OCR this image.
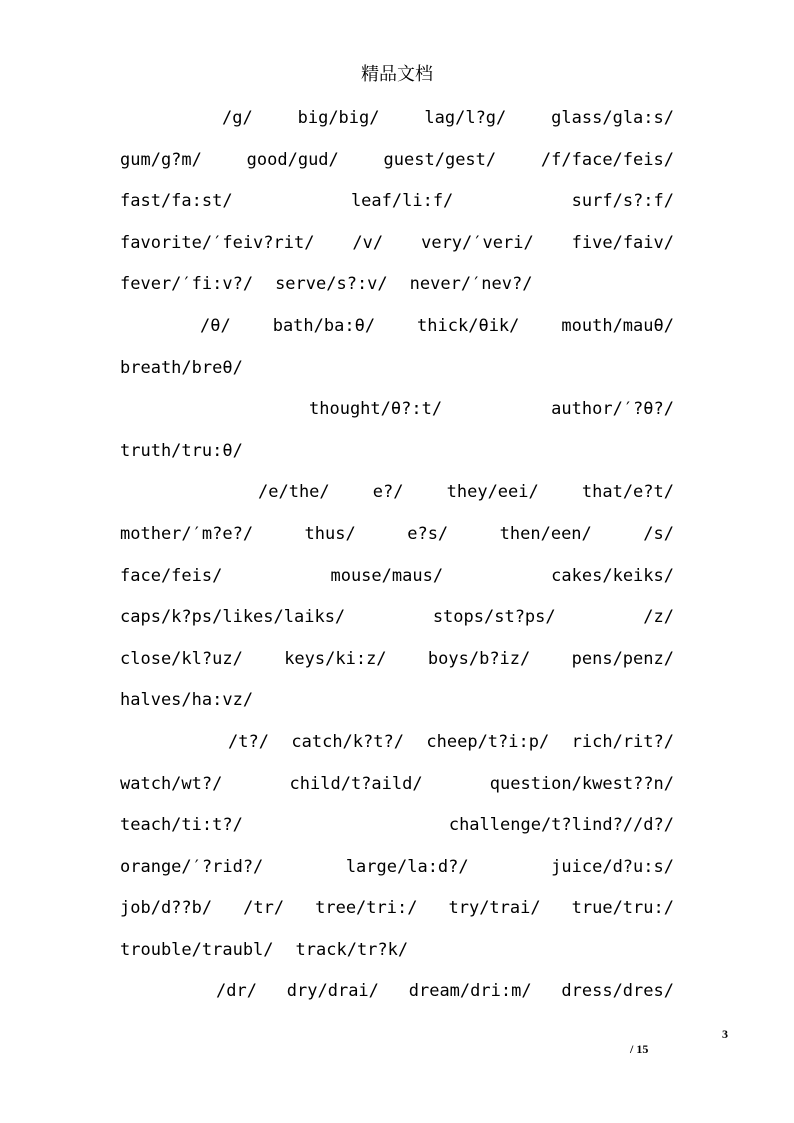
精品文档
/g/	big/big/	lag/l?g/	glass/gla:s/
gum/g?m/	good/gud/	guest/gest/	/f/face/feis/
fast/fa:st/	leaf/li:f/	surf/s?:f/
favorite/′feiv?rit/ /v/ very/′veri/ five/faiv/
fever/′fi:v?/ serve/s?:v/ never/′nev?/
/θ/ bath/ba:θ/ thick/θik/ mouth/mauθ/
breath/breθ/
thought/θ?:t/	author/′?θ?/
truth/tru:θ/
/e/the/	e?/	they/eei/	that/e?t/
mother/′m?e?/	thus/	e?s/	then/een/	/s/
face/feis/	mouse/maus/	cakes/keiks/
caps/k?ps/likes/laiks/	stops/st?ps/	/z/
close/kl?uz/ keys/ki:z/ boys/b?iz/ pens/penz/
halves/ha:vz/
/t?/ catch/k?t?/ cheep/t?i:p/ rich/rit?/
watch/wt?/	child/t?aild/	question/kwest??n/
teach/ti:t?/	challenge/t?lind?//d?/
orange/′?rid?/	large/la:d?/	juice/d?u:s/
job/d??b/ /tr/ tree/tri:/ try/trai/ true/tru:/
trouble/traubl/ track/tr?k/
/dr/ dry/drai/ dream/dri:m/ dress/dres/
3
/ 15
